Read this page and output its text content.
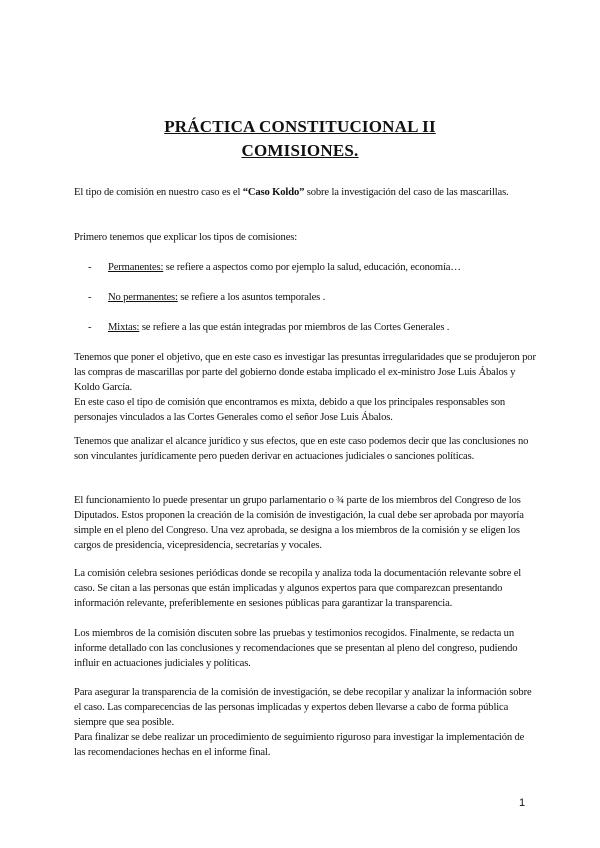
PRÁCTICA CONSTITUCIONAL II
COMISIONES.

El tipo de comisión en nuestro caso es el “Caso Koldo” sobre la investigación del caso de las mascarillas.

Primero tenemos que explicar los tipos de comisiones:

- Permanentes: se refiere a aspectos como por ejemplo la salud, educación, economía…
- No permanentes: se refiere a los asuntos temporales .
- Mixtas: se refiere a las que están integradas por miembros de las Cortes Generales .

Tenemos que poner el objetivo, que en este caso es investigar las presuntas irregularidades que se produjeron por las compras de mascarillas por parte del gobierno donde estaba implicado el ex-ministro Jose Luis Ábalos y Koldo García.

En este caso el tipo de comisión que encontramos es mixta, debido a que los principales responsables son personajes vinculados a las Cortes Generales como el señor Jose Luis Ábalos.

Tenemos que analizar el alcance jurídico y sus efectos, que en este caso podemos decir que las conclusiones no son vinculantes jurídicamente pero pueden derivar en actuaciones judiciales o sanciones políticas.

El funcionamiento lo puede presentar un grupo parlamentario o ¾ parte de los miembros del Congreso de los Diputados. Estos proponen la creación de la comisión de investigación, la cual debe ser aprobada por mayoría simple en el pleno del Congreso. Una vez aprobada, se designa a los miembros de la comisión y se eligen los cargos de presidencia, vicepresidencia, secretarías y vocales.

La comisión celebra sesiones periódicas donde se recopila y analiza toda la documentación relevante sobre el caso. Se citan a las personas que están implicadas y algunos expertos para que comparezcan presentando información relevante, preferiblemente en sesiones públicas para garantizar la transparencia.

Los miembros de la comisión discuten sobre las pruebas y testimonios recogidos. Finalmente, se redacta un informe detallado con las conclusiones y recomendaciones que se presentan al pleno del congreso, pudiendo influir en actuaciones judiciales y políticas.

Para asegurar la transparencia de la comisión de investigación, se debe recopilar y analizar la información sobre el caso. Las comparecencias de las personas implicadas y expertos deben llevarse a cabo de forma pública siempre que sea posible.

Para finalizar se debe realizar un procedimiento de seguimiento riguroso para investigar la implementación de las recomendaciones hechas en el informe final.

1
